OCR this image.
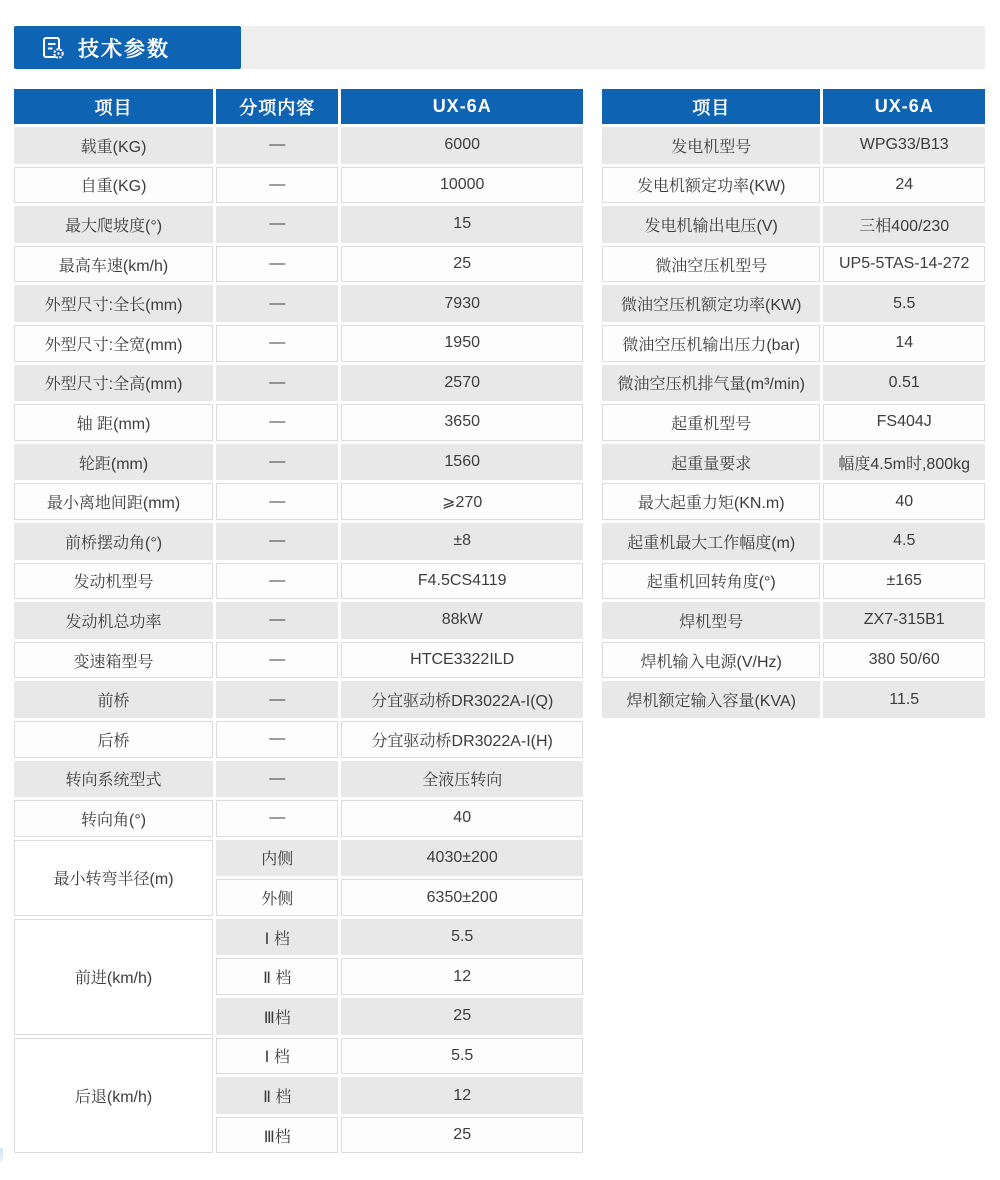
技术参数
项目	分项内容	UX-6A
载重(KG)	—	6000
自重(KG)	—	10000
最大爬坡度(°)	—	15
最高车速(km/h)	—	25
外型尺寸:全长(mm)	—	7930
外型尺寸:全宽(mm)	—	1950
外型尺寸:全高(mm)	—	2570
轴 距(mm)	—	3650
轮距(mm)	—	1560
最小离地间距(mm)	—	⩾270
前桥摆动角(°)	—	±8
发动机型号	—	F4.5CS4119
发动机总功率	—	88kW
变速箱型号	—	HTCE3322ILD
前桥	—	分宜驱动桥DR3022A-I(Q)
后桥	—	分宜驱动桥DR3022A-I(H)
转向系统型式	—	全液压转向
转向角(°)	—	40
最小转弯半径(m)	内侧	4030±200
	外侧	6350±200
前进(km/h)	Ⅰ 档	5.5
	Ⅱ 档	12
	Ⅲ档	25
后退(km/h)	Ⅰ 档	5.5
	Ⅱ 档	12
	Ⅲ档	25
项目	UX-6A
发电机型号	WPG33/B13
发电机额定功率(KW)	24
发电机输出电压(V)	三相400/230
微油空压机型号	UP5-5TAS-14-272
微油空压机额定功率(KW)	5.5
微油空压机输出压力(bar)	14
微油空压机排气量(m³/min)	0.51
起重机型号	FS404J
起重量要求	幅度4.5m时,800kg
最大起重力矩(KN.m)	40
起重机最大工作幅度(m)	4.5
起重机回转角度(°)	±165
焊机型号	ZX7-315B1
焊机输入电源(V/Hz)	380 50/60
焊机额定输入容量(KVA)	11.5
